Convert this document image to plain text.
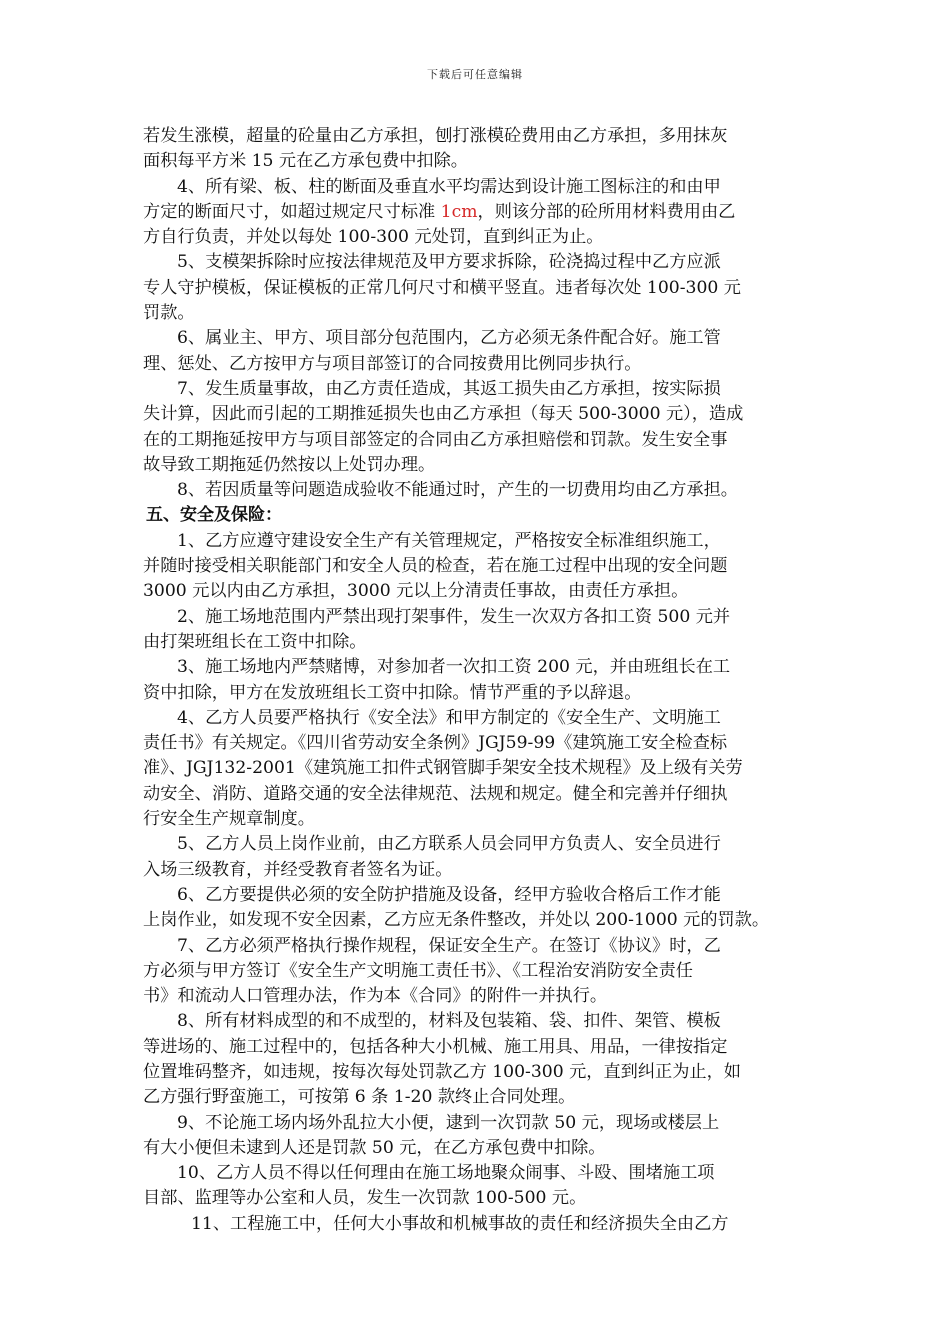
下载后可任意编辑
若发生涨模，超量的砼量由乙方承担，刨打涨模砼费用由乙方承担，多用抹灰
面积每平方米 15 元在乙方承包费中扣除。
4、所有梁、板、柱的断面及垂直水平均需达到设计施工图标注的和由甲
方定的断面尺寸，如超过规定尺寸标准 1cm，则该分部的砼所用材料费用由乙
方自行负责，并处以每处 100-300 元处罚，直到纠正为止。
5、支模架拆除时应按法律规范及甲方要求拆除，砼浇捣过程中乙方应派
专人守护模板，保证模板的正常几何尺寸和横平竖直。违者每次处 100-300 元
罚款。
6、属业主、甲方、项目部分包范围内，乙方必须无条件配合好。施工管
理、惩处、乙方按甲方与项目部签订的合同按费用比例同步执行。
7、发生质量事故，由乙方责任造成，其返工损失由乙方承担，按实际损
失计算，因此而引起的工期推延损失也由乙方承担（每天 500-3000 元），造成
在的工期拖延按甲方与项目部签定的合同由乙方承担赔偿和罚款。发生安全事
故导致工期拖延仍然按以上处罚办理。
8、若因质量等问题造成验收不能通过时，产生的一切费用均由乙方承担。
五、安全及保险：
1、乙方应遵守建设安全生产有关管理规定，严格按安全标准组织施工，
并随时接受相关职能部门和安全人员的检查，若在施工过程中出现的安全问题
3000 元以内由乙方承担，3000 元以上分清责任事故，由责任方承担。
2、施工场地范围内严禁出现打架事件，发生一次双方各扣工资 500 元并
由打架班组长在工资中扣除。
3、施工场地内严禁赌博，对参加者一次扣工资 200 元，并由班组长在工
资中扣除，甲方在发放班组长工资中扣除。情节严重的予以辞退。
4、乙方人员要严格执行《安全法》和甲方制定的《安全生产、文明施工
责任书》有关规定。《四川省劳动安全条例》JGJ59-99《建筑施工安全检查标
准》、JGJ132-2001《建筑施工扣件式钢管脚手架安全技术规程》及上级有关劳
动安全、消防、道路交通的安全法律规范、法规和规定。健全和完善并仔细执
行安全生产规章制度。
5、乙方人员上岗作业前，由乙方联系人员会同甲方负责人、安全员进行
入场三级教育，并经受教育者签名为证。
6、乙方要提供必须的安全防护措施及设备，经甲方验收合格后工作才能
上岗作业，如发现不安全因素，乙方应无条件整改，并处以 200-1000 元的罚款。
7、乙方必须严格执行操作规程，保证安全生产。在签订《协议》时，乙
方必须与甲方签订《安全生产文明施工责任书》、《工程治安消防安全责任
书》和流动人口管理办法，作为本《合同》的附件一并执行。
8、所有材料成型的和不成型的，材料及包装箱、袋、扣件、架管、模板
等进场的、施工过程中的，包括各种大小机械、施工用具、用品，一律按指定
位置堆码整齐，如违规，按每次每处罚款乙方 100-300 元，直到纠正为止，如
乙方强行野蛮施工，可按第 6 条 1-20 款终止合同处理。
9、不论施工场内场外乱拉大小便，逮到一次罚款 50 元，现场或楼层上
有大小便但未逮到人还是罚款 50 元，在乙方承包费中扣除。
10、乙方人员不得以任何理由在施工场地聚众闹事、斗殴、围堵施工项
目部、监理等办公室和人员，发生一次罚款 100-500 元。
11、工程施工中，任何大小事故和机械事故的责任和经济损失全由乙方
